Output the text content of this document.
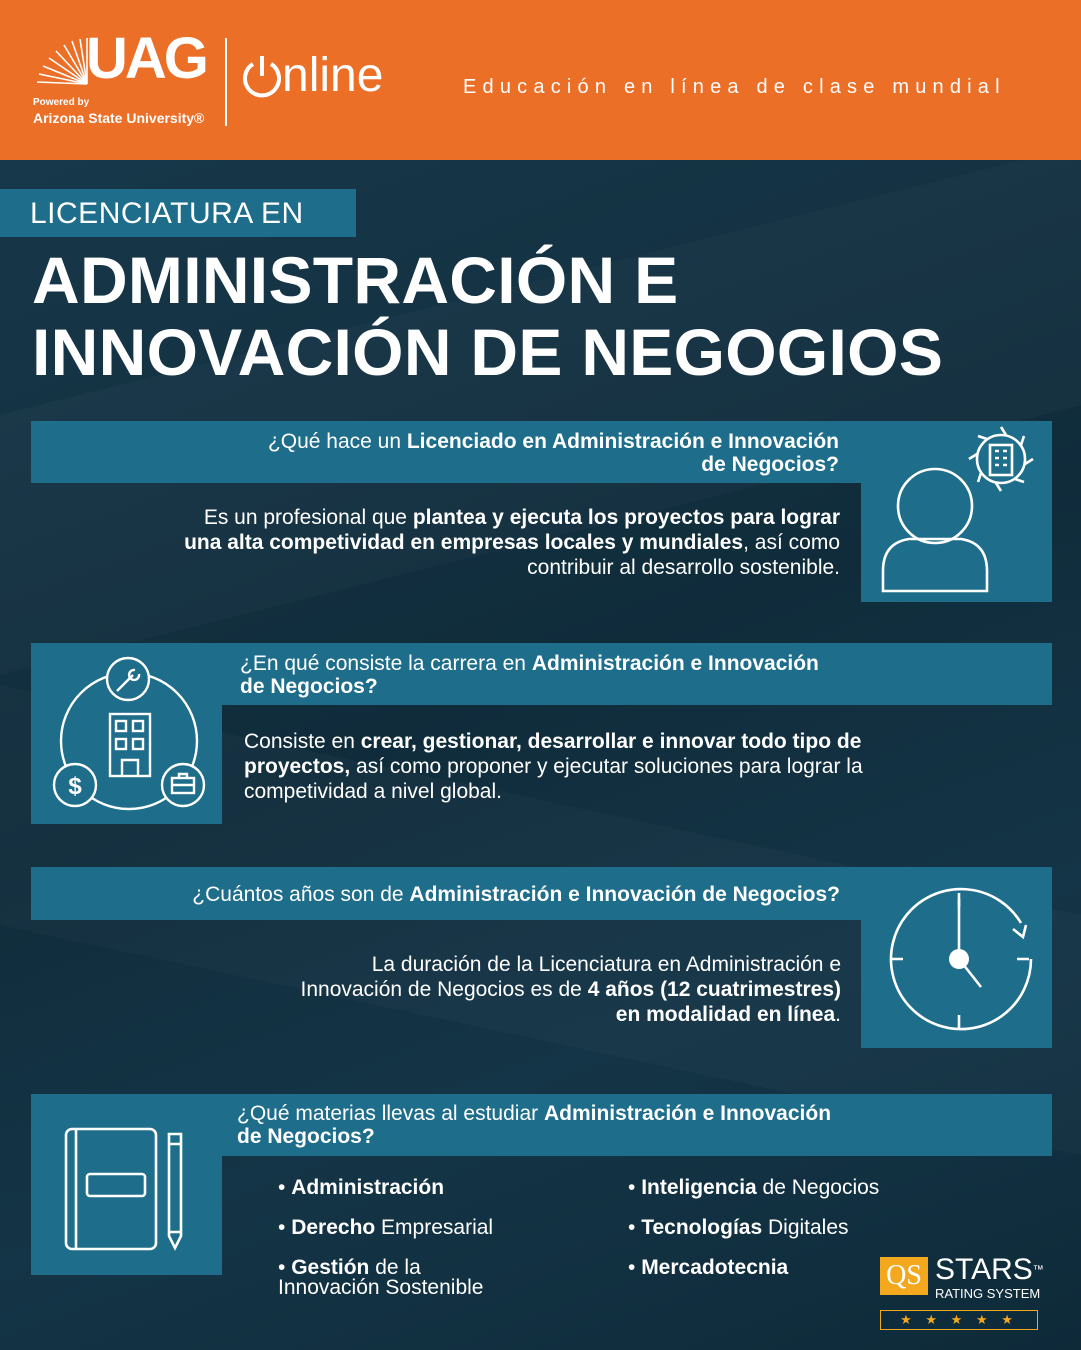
UAG
Powered by
Arizona State University®
nline	Educación en línea de clase mundial
LICENCIATURA EN
ADMINISTRACIÓN E
INNOVACIÓN DE NEGOGIOS
¿Qué hace un Licenciado en Administración e Innovación
de Negocios?
Es un profesional que plantea y ejecuta los proyectos para lograr
una alta competividad en empresas locales y mundiales, así como
contribuir al desarrollo sostenible.
$
¿En qué consiste la carrera en Administración e Innovación
de Negocios?
Consiste en crear, gestionar, desarrollar e innovar todo tipo de
proyectos, así como proponer y ejecutar soluciones para lograr la
competividad a nivel global.
¿Cuántos años son de Administración e Innovación de Negocios?
La duración de la Licenciatura en Administración e
Innovación de Negocios es de 4 años (12 cuatrimestres)
en modalidad en línea.
¿Qué materias llevas al estudiar Administración e Innovación
de Negocios?
• Administración
• Derecho Empresarial
• Gestión de la
Innovación Sostenible
• Inteligencia de Negocios
• Tecnologías Digitales
• Mercadotecnia	QS STARS™
RATING SYSTEM
★ ★ ★ ★ ★
